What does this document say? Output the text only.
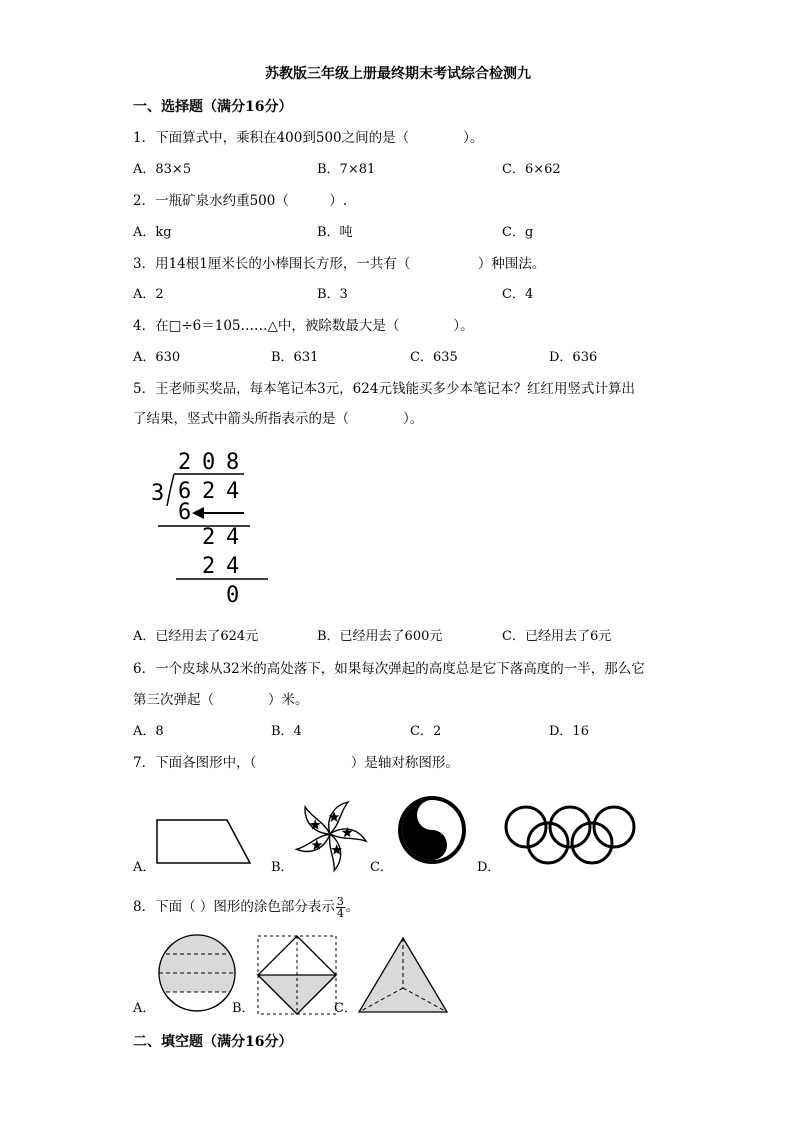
苏教版三年级上册最终期末考试综合检测九
一、选择题（满分16分）
1．下面算式中，乘积在400到500之间的是（　　　　）。
A．83×5	B．7×81	C．6×62
2．一瓶矿泉水约重500（　　　）.
A．kg	B．吨	C．g
3．用14根1厘米长的小棒围长方形，一共有（　　　　　）种围法。
A．2	B．3	C．4
4．在□÷6＝105……△中，被除数最大是（　　　　）。
A．630	B．631	C．635	D．636
5．王老师买奖品，每本笔记本3元，624元钱能买多少本笔记本？红红用竖式计算出
了结果，竖式中箭头所指表示的是（　　　　）。
2 0 8
3 6 2 4
6
2 4
2 4
0
A．已经用去了624元	B．已经用去了600元	C．已经用去了6元
6．一个皮球从32米的高处落下，如果每次弹起的高度总是它下落高度的一半，那么它
第三次弹起（　　　　）米。
A．8	B．4	C．2	D．16
7．下面各图形中，（　　　　　　　）是轴对称图形。
A．	B．	C．	D．
8．下面（ ）图形的涂色部分表示 $\frac{3}{4}$ 。
A．	B．	C．
二、填空题（满分16分）
